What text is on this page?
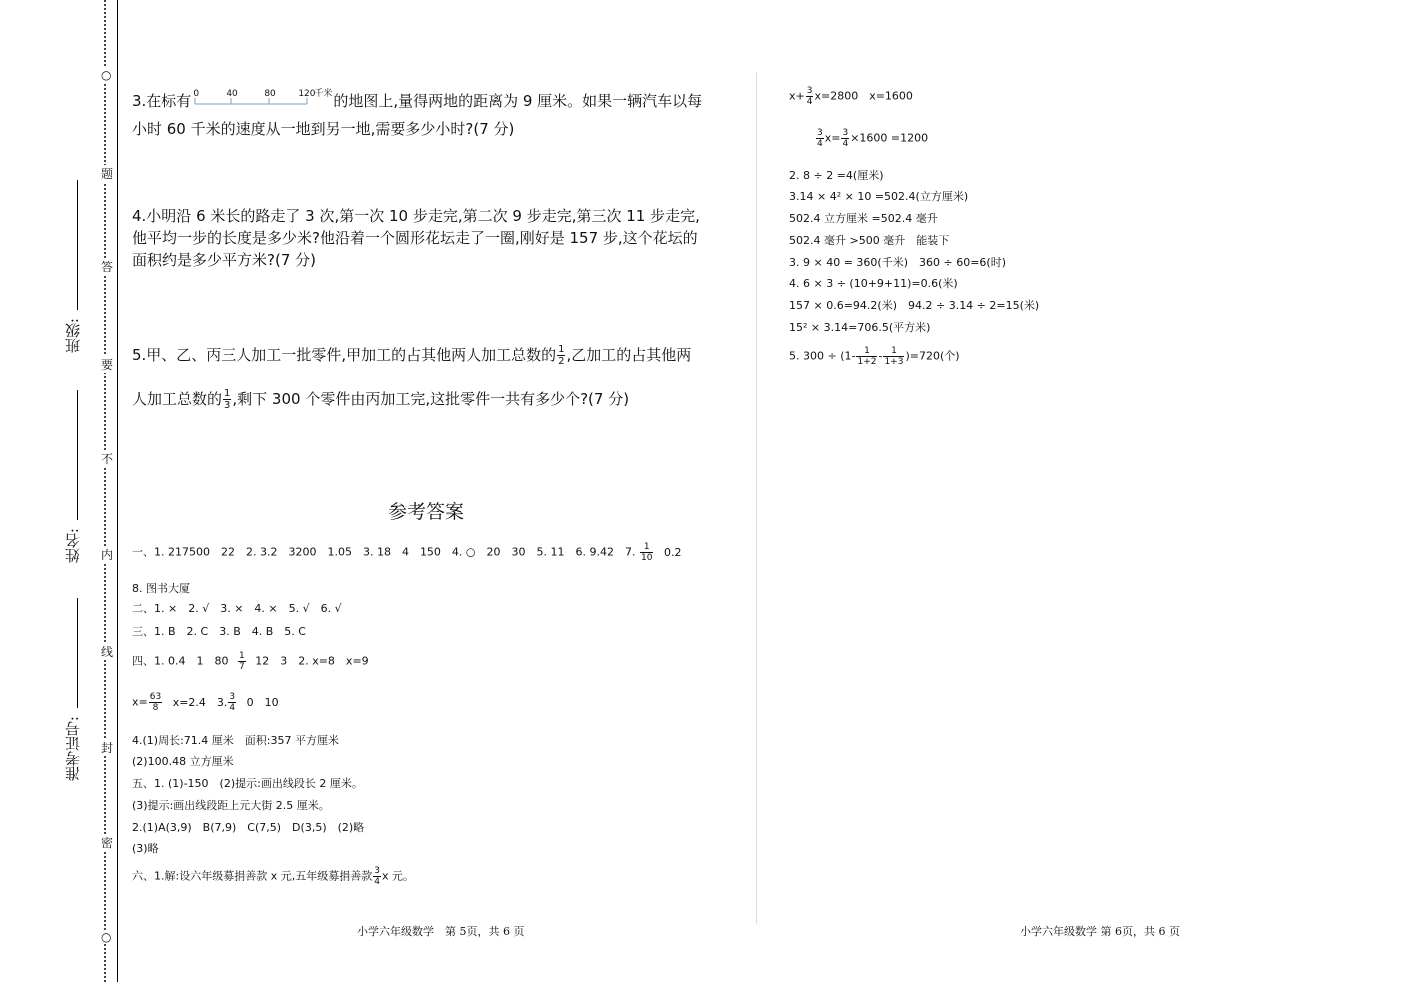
○
题
答
要
不
内
线
封
密
○
班级:
姓名:
准考证号:
3.在标有 0	40	80	120
千米 的地图上,量得两地的距离为 9 厘米。如果一辆汽车以每
小时 60 千米的速度从一地到另一地,需要多少小时?(7 分)
4.小明沿 6 米长的路走了 3 次,第一次 10 步走完,第二次 9 步走完,第三次 11 步走完,
他平均一步的长度是多少米?他沿着一个圆形花坛走了一圈,刚好是 157 步,这个花坛的
面积约是多少平方米?(7 分)
5.甲、乙、丙三人加工一批零件,甲加工的占其他两人加工总数的 $\frac{1}{2}$ ,乙加工的占其他两
人加工总数的 $\frac{1}{3}$ ,剩下 300 个零件由丙加工完,这批零件一共有多少个?(7 分)
参考答案
一、1. 217500　22　2. 3.2　3200　1.05　3. 18　4　150　4. ○　20　30　5. 11　6. 9.42　7. $\frac{1}{10} 0.2$
8. 图书大厦
二、1. ×　2. √　3. ×　4. ×　5. √　6. √
三、1. B　2. C　3. B　4. B　5. C
四、1. 0.4　1　$80 \frac{1}{7} 12$　3　2. x=8　x=9
$x= \frac{63}{8} x=2.4$　3. $\frac{3}{4} 0$　10
4.(1)周长:71.4 厘米　面积:357 平方厘米
(2)100.48 立方厘米
五、1. (1)-150　(2)提示:画出线段长 2 厘米。
(3)提示:画出线段距上元大街 2.5 厘米。
2.(1)A(3,9)　B(7,9)　C(7,5)　D(3,5)　(2)略
(3)略
六、1.解:设六年级募捐善款 x 元,五年级募捐善款 $\frac{3}{4}$ x 元。
$x+ \frac{3}{4} x=2800$　x=1600
$\frac{3}{4} x= \frac{3}{4} \times 1600 =1200$
2. 8 ÷ 2 =4(厘米)
3.14 × 4² × 10 =502.4(立方厘米)
502.4 立方厘米 =502.4 毫升
502.4 毫升 >500 毫升　能装下
3. 9 × 40 = 360(千米)　360 ÷ 60=6(时)
4. 6 × 3 ÷ (10+9+11)=0.6(米)
157 × 0.6=94.2(米)　94.2 ÷ 3.14 ÷ 2=15(米)
15² × 3.14=706.5(平方米)
5. $300 \div (1- \frac{1}{1+2} - \frac{1}{1+3} )=720$(个)
小学六年级数学　第 5页，共 6 页	小学六年级数学 第 6页，共 6 页
